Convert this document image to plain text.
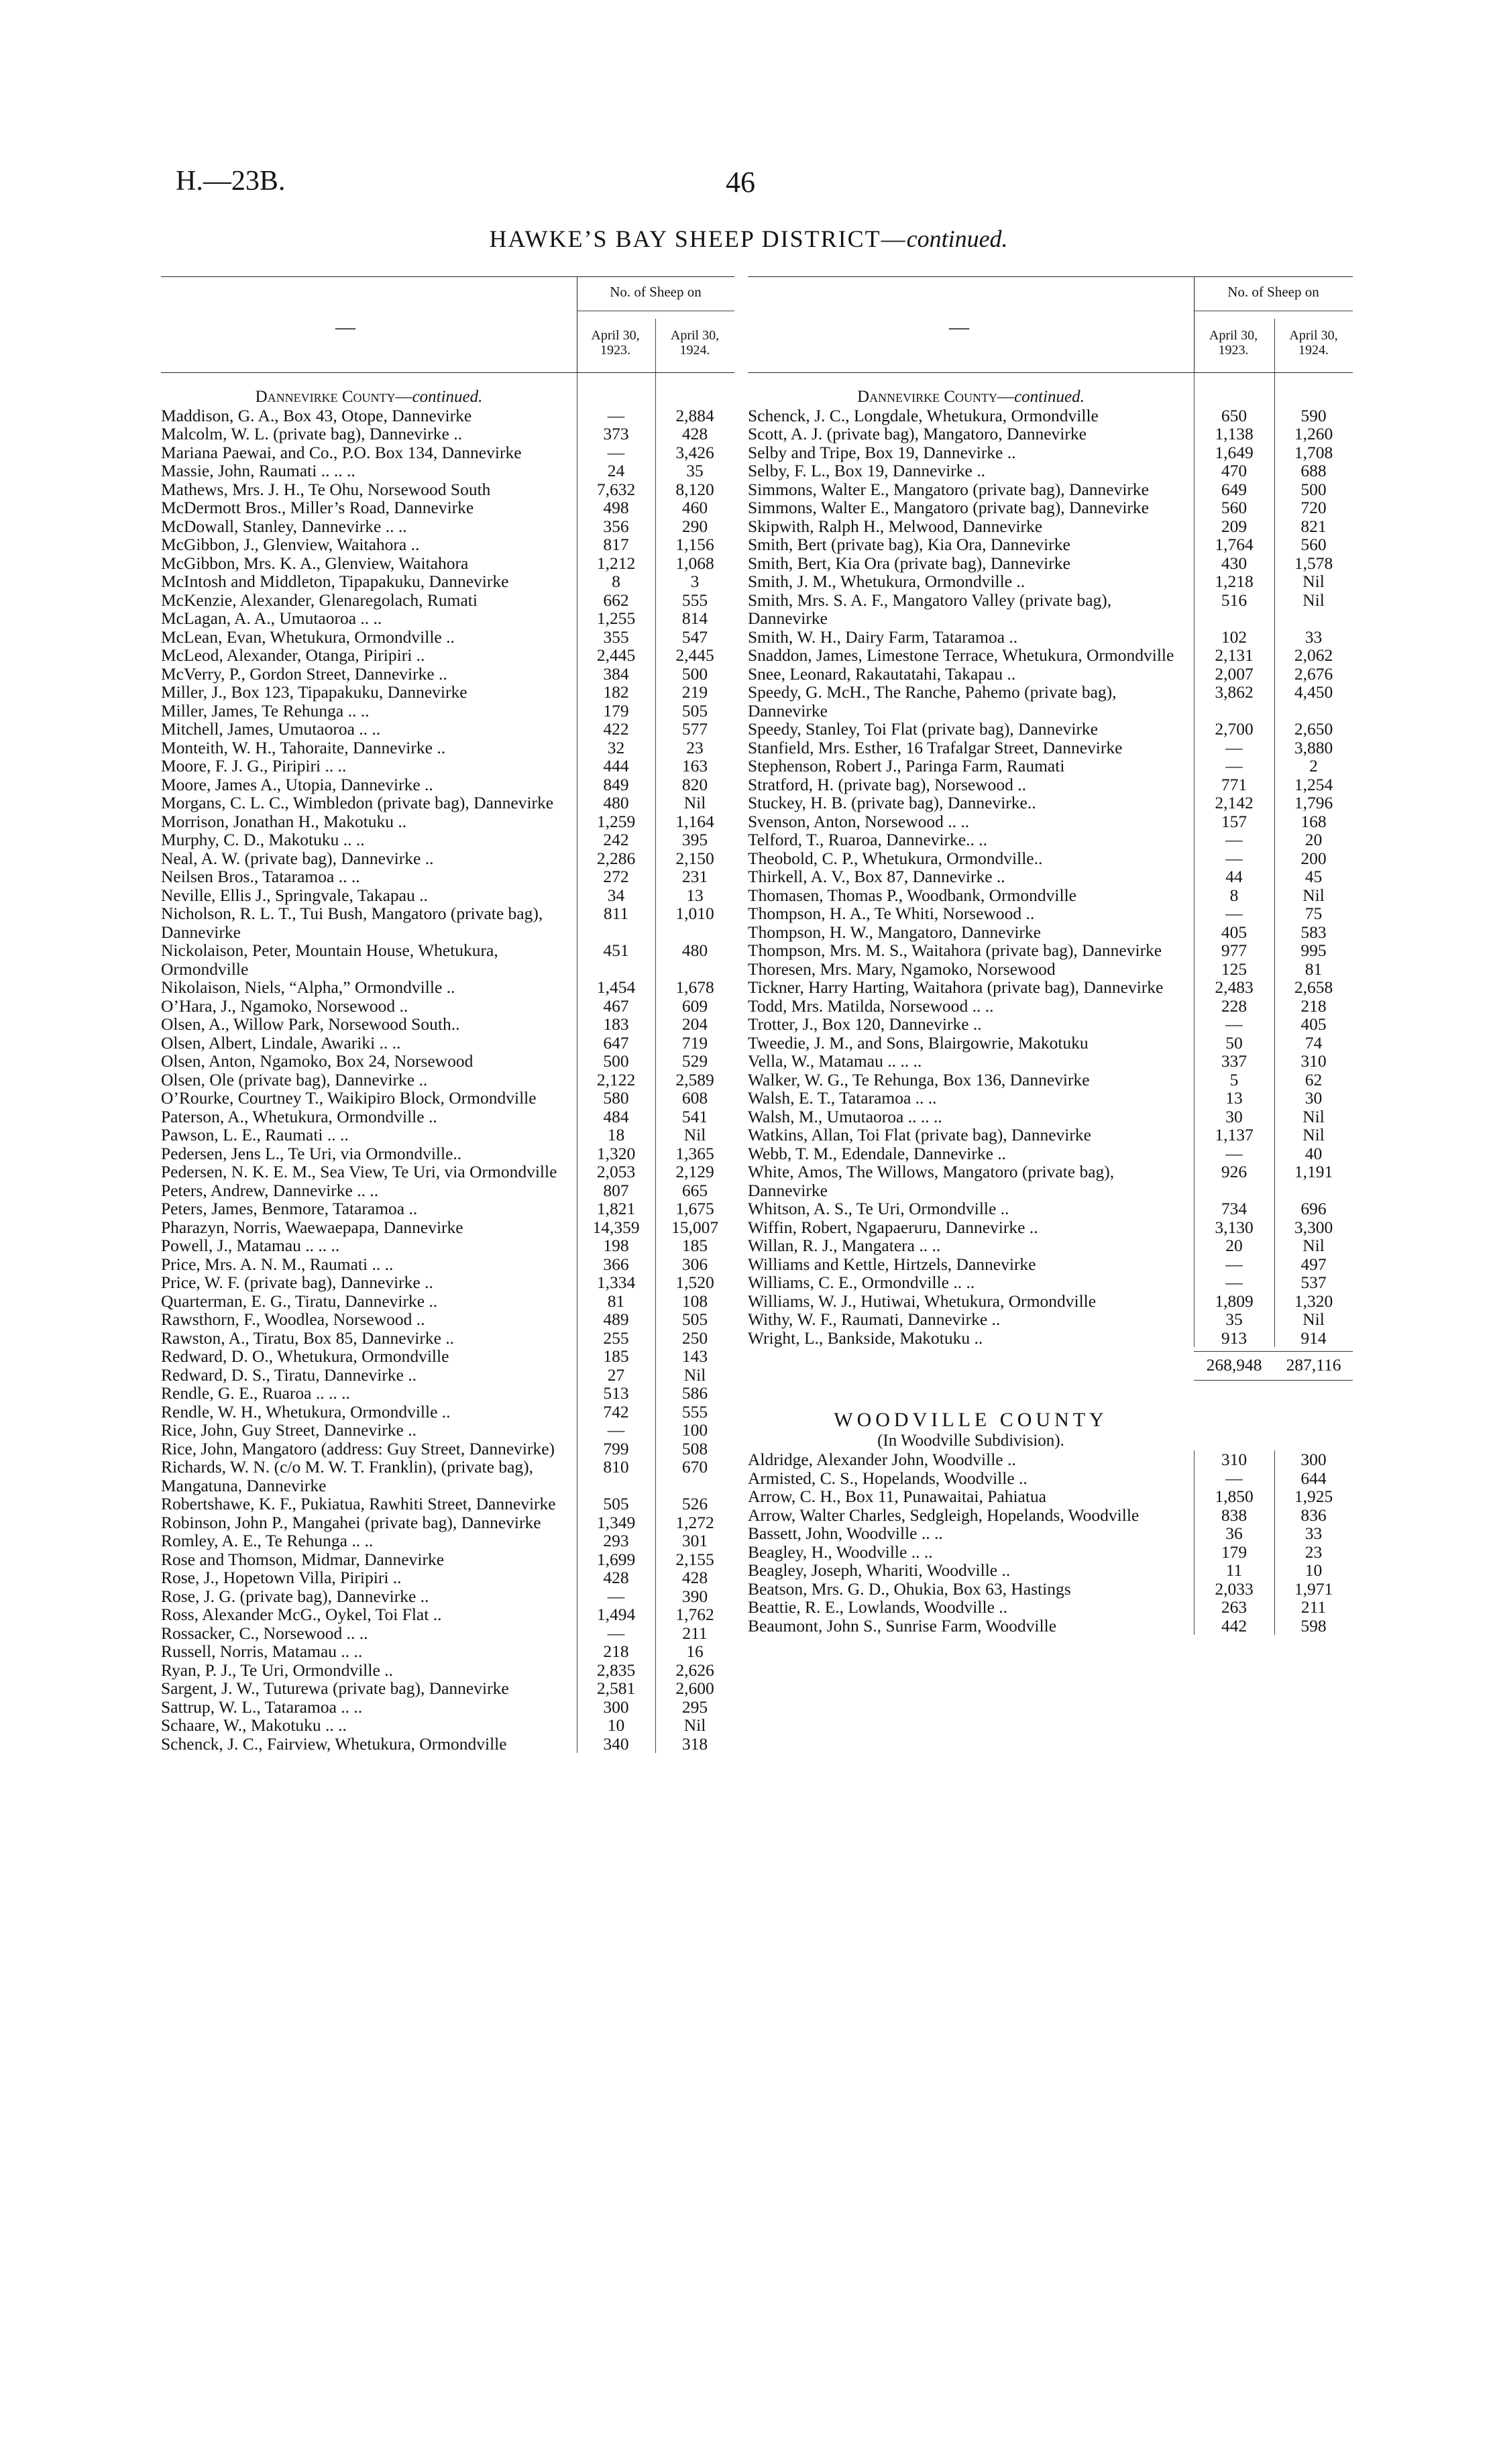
H.—23B.	46
HAWKE’S BAY SHEEP DISTRICT—continued.
—
No. of Sheep on
April 30,
1923.
April 30,
1924.
Dannevirke County—continued.
Maddison, G. A., Box 43, Otope, Dannevirke	—	2,884
Malcolm, W. L. (private bag), Dannevirke ..	373	428
Mariana Paewai, and Co., P.O. Box 134, Dannevirke	—	3,426
Massie, John, Raumati .. .. ..	24	35
Mathews, Mrs. J. H., Te Ohu, Norsewood South	7,632	8,120
McDermott Bros., Miller’s Road, Dannevirke	498	460
McDowall, Stanley, Dannevirke .. ..	356	290
McGibbon, J., Glenview, Waitahora ..	817	1,156
McGibbon, Mrs. K. A., Glenview, Waitahora	1,212	1,068
McIntosh and Middleton, Tipapakuku, Dannevirke	8	3
McKenzie, Alexander, Glenaregolach, Rumati	662	555
McLagan, A. A., Umutaoroa .. ..	1,255	814
McLean, Evan, Whetukura, Ormondville ..	355	547
McLeod, Alexander, Otanga, Piripiri ..	2,445	2,445
McVerry, P., Gordon Street, Dannevirke ..	384	500
Miller, J., Box 123, Tipapakuku, Dannevirke	182	219
Miller, James, Te Rehunga .. ..	179	505
Mitchell, James, Umutaoroa .. ..	422	577
Monteith, W. H., Tahoraite, Dannevirke ..	32	23
Moore, F. J. G., Piripiri .. ..	444	163
Moore, James A., Utopia, Dannevirke ..	849	820
Morgans, C. L. C., Wimbledon (private bag), Dannevirke	480	Nil
Morrison, Jonathan H., Makotuku ..	1,259	1,164
Murphy, C. D., Makotuku .. ..	242	395
Neal, A. W. (private bag), Dannevirke ..	2,286	2,150
Neilsen Bros., Tataramoa .. ..	272	231
Neville, Ellis J., Springvale, Takapau ..	34	13
Nicholson, R. L. T., Tui Bush, Mangatoro (private bag), Dannevirke
811	1,010
Nickolaison, Peter, Mountain House, Whetukura, Ormondville
451	480
Nikolaison, Niels, “Alpha,” Ormondville ..	1,454	1,678
O’Hara, J., Ngamoko, Norsewood ..	467	609
Olsen, A., Willow Park, Norsewood South..	183	204
Olsen, Albert, Lindale, Awariki .. ..	647	719
Olsen, Anton, Ngamoko, Box 24, Norsewood	500	529
Olsen, Ole (private bag), Dannevirke ..	2,122	2,589
O’Rourke, Courtney T., Waikipiro Block, Ormondville	580	608
Paterson, A., Whetukura, Ormondville ..	484	541
Pawson, L. E., Raumati .. ..	18	Nil
Pedersen, Jens L., Te Uri, via Ormondville..	1,320	1,365
Pedersen, N. K. E. M., Sea View, Te Uri, via Ormondville	2,053	2,129
Peters, Andrew, Dannevirke .. ..	807	665
Peters, James, Benmore, Tataramoa ..	1,821	1,675
Pharazyn, Norris, Waewaepapa, Dannevirke	14,359	15,007
Powell, J., Matamau .. .. ..	198	185
Price, Mrs. A. N. M., Raumati .. ..	366	306
Price, W. F. (private bag), Dannevirke ..	1,334	1,520
Quarterman, E. G., Tiratu, Dannevirke ..	81	108
Rawsthorn, F., Woodlea, Norsewood ..	489	505
Rawston, A., Tiratu, Box 85, Dannevirke ..	255	250
Redward, D. O., Whetukura, Ormondville	185	143
Redward, D. S., Tiratu, Dannevirke ..	27	Nil
Rendle, G. E., Ruaroa .. .. ..	513	586
Rendle, W. H., Whetukura, Ormondville ..	742	555
Rice, John, Guy Street, Dannevirke ..	—	100
Rice, John, Mangatoro (address: Guy Street, Dannevirke)	799	508
Richards, W. N. (c/o M. W. T. Franklin), (private bag), Mangatuna, Dannevirke
810	670
Robertshawe, K. F., Pukiatua, Rawhiti Street, Dannevirke	505	526
Robinson, John P., Mangahei (private bag), Dannevirke	1,349	1,272
Romley, A. E., Te Rehunga .. ..	293	301
Rose and Thomson, Midmar, Dannevirke	1,699	2,155
Rose, J., Hopetown Villa, Piripiri ..	428	428
Rose, J. G. (private bag), Dannevirke ..	—	390
Ross, Alexander McG., Oykel, Toi Flat ..	1,494	1,762
Rossacker, C., Norsewood .. ..	—	211
Russell, Norris, Matamau .. ..	218	16
Ryan, P. J., Te Uri, Ormondville ..	2,835	2,626
Sargent, J. W., Tuturewa (private bag), Dannevirke	2,581	2,600
Sattrup, W. L., Tataramoa .. ..	300	295
Schaare, W., Makotuku .. ..	10	Nil
Schenck, J. C., Fairview, Whetukura, Ormondville	340	318
—
No. of Sheep on
April 30,
1923.
April 30,
1924.
Dannevirke County—continued.
Schenck, J. C., Longdale, Whetukura, Ormondville	650	590
Scott, A. J. (private bag), Mangatoro, Dannevirke	1,138	1,260
Selby and Tripe, Box 19, Dannevirke ..	1,649	1,708
Selby, F. L., Box 19, Dannevirke ..	470	688
Simmons, Walter E., Mangatoro (private bag), Dannevirke	649	500
Simmons, Walter E., Mangatoro (private bag), Dannevirke	560	720
Skipwith, Ralph H., Melwood, Dannevirke	209	821
Smith, Bert (private bag), Kia Ora, Dannevirke	1,764	560
Smith, Bert, Kia Ora (private bag), Dannevirke	430	1,578
Smith, J. M., Whetukura, Ormondville ..	1,218	Nil
Smith, Mrs. S. A. F., Mangatoro Valley (private bag), Dannevirke
516	Nil
Smith, W. H., Dairy Farm, Tataramoa ..	102	33
Snaddon, James, Limestone Terrace, Whetukura, Ormondville	2,131	2,062
Snee, Leonard, Rakautatahi, Takapau ..	2,007	2,676
Speedy, G. McH., The Ranche, Pahemo (private bag), Dannevirke
3,862	4,450
Speedy, Stanley, Toi Flat (private bag), Dannevirke	2,700	2,650
Stanfield, Mrs. Esther, 16 Trafalgar Street, Dannevirke	—	3,880
Stephenson, Robert J., Paringa Farm, Raumati	—	2
Stratford, H. (private bag), Norsewood ..	771	1,254
Stuckey, H. B. (private bag), Dannevirke..	2,142	1,796
Svenson, Anton, Norsewood .. ..	157	168
Telford, T., Ruaroa, Dannevirke.. ..	—	20
Theobold, C. P., Whetukura, Ormondville..	—	200
Thirkell, A. V., Box 87, Dannevirke ..	44	45
Thomasen, Thomas P., Woodbank, Ormondville	8	Nil
Thompson, H. A., Te Whiti, Norsewood ..	—	75
Thompson, H. W., Mangatoro, Dannevirke	405	583
Thompson, Mrs. M. S., Waitahora (private bag), Dannevirke	977	995
Thoresen, Mrs. Mary, Ngamoko, Norsewood	125	81
Tickner, Harry Harting, Waitahora (private bag), Dannevirke	2,483	2,658
Todd, Mrs. Matilda, Norsewood .. ..	228	218
Trotter, J., Box 120, Dannevirke ..	—	405
Tweedie, J. M., and Sons, Blairgowrie, Makotuku	50	74
Vella, W., Matamau .. .. ..	337	310
Walker, W. G., Te Rehunga, Box 136, Dannevirke	5	62
Walsh, E. T., Tataramoa .. ..	13	30
Walsh, M., Umutaoroa .. .. ..	30	Nil
Watkins, Allan, Toi Flat (private bag), Dannevirke	1,137	Nil
Webb, T. M., Edendale, Dannevirke ..	—	40
White, Amos, The Willows, Mangatoro (private bag), Dannevirke
926	1,191
Whitson, A. S., Te Uri, Ormondville ..	734	696
Wiffin, Robert, Ngapaeruru, Dannevirke ..	3,130	3,300
Willan, R. J., Mangatera .. ..	20	Nil
Williams and Kettle, Hirtzels, Dannevirke	—	497
Williams, C. E., Ormondville .. ..	—	537
Williams, W. J., Hutiwai, Whetukura, Ormondville	1,809	1,320
Withy, W. F., Raumati, Dannevirke ..	35	Nil
Wright, L., Bankside, Makotuku ..	913	914
268,948	287,116
WOODVILLE COUNTY
(In Woodville Subdivision).
Aldridge, Alexander John, Woodville ..	310	300
Armisted, C. S., Hopelands, Woodville ..	—	644
Arrow, C. H., Box 11, Punawaitai, Pahiatua	1,850	1,925
Arrow, Walter Charles, Sedgleigh, Hopelands, Woodville	838	836
Bassett, John, Woodville .. ..	36	33
Beagley, H., Woodville .. ..	179	23
Beagley, Joseph, Whariti, Woodville ..	11	10
Beatson, Mrs. G. D., Ohukia, Box 63, Hastings	2,033	1,971
Beattie, R. E., Lowlands, Woodville ..	263	211
Beaumont, John S., Sunrise Farm, Woodville	442	598
